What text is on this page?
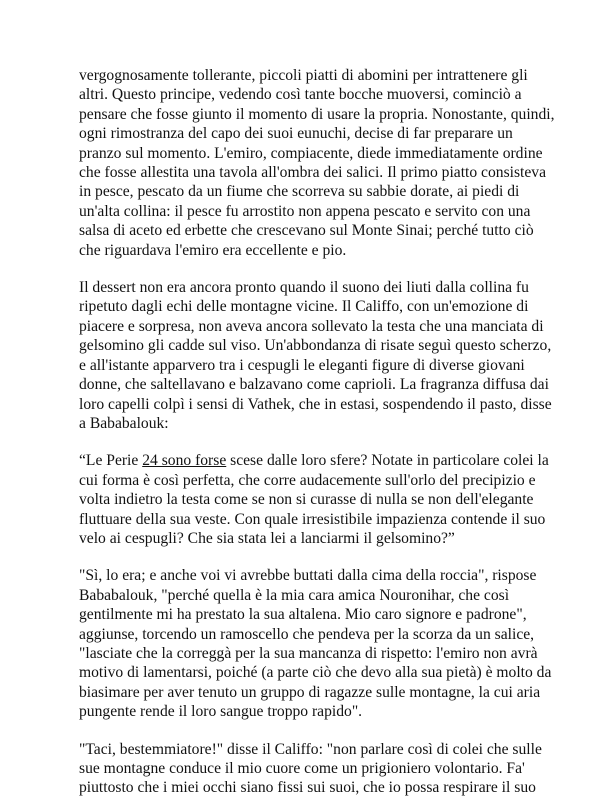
vergognosamente tollerante, piccoli piatti di abomini per intrattenere gli
altri. Questo principe, vedendo così tante bocche muoversi, cominciò a
pensare che fosse giunto il momento di usare la propria. Nonostante, quindi,
ogni rimostranza del capo dei suoi eunuchi, decise di far preparare un
pranzo sul momento. L'emiro, compiacente, diede immediatamente ordine
che fosse allestita una tavola all'ombra dei salici. Il primo piatto consisteva
in pesce, pescato da un fiume che scorreva su sabbie dorate, ai piedi di
un'alta collina: il pesce fu arrostito non appena pescato e servito con una
salsa di aceto ed erbette che crescevano sul Monte Sinai; perché tutto ciò
che riguardava l'emiro era eccellente e pio.

Il dessert non era ancora pronto quando il suono dei liuti dalla collina fu
ripetuto dagli echi delle montagne vicine. Il Califfo, con un'emozione di
piacere e sorpresa, non aveva ancora sollevato la testa che una manciata di
gelsomino gli cadde sul viso. Un'abbondanza di risate seguì questo scherzo,
e all'istante apparvero tra i cespugli le eleganti figure di diverse giovani
donne, che saltellavano e balzavano come caprioli. La fragranza diffusa dai
loro capelli colpì i sensi di Vathek, che in estasi, sospendendo il pasto, disse
a Bababalouk:

“Le Perie 24 sono forse scese dalle loro sfere? Notate in particolare colei la
cui forma è così perfetta, che corre audacemente sull'orlo del precipizio e
volta indietro la testa come se non si curasse di nulla se non dell'elegante
fluttuare della sua veste. Con quale irresistibile impazienza contende il suo
velo ai cespugli? Che sia stata lei a lanciarmi il gelsomino?”

"Sì, lo era; e anche voi vi avrebbe buttati dalla cima della roccia", rispose
Bababalouk, "perché quella è la mia cara amica Nouronihar, che così
gentilmente mi ha prestato la sua altalena. Mio caro signore e padrone",
aggiunse, torcendo un ramoscello che pendeva per la scorza da un salice,
"lasciate che la correggà per la sua mancanza di rispetto: l'emiro non avrà
motivo di lamentarsi, poiché (a parte ciò che devo alla sua pietà) è molto da
biasimare per aver tenuto un gruppo di ragazze sulle montagne, la cui aria
pungente rende il loro sangue troppo rapido".

"Taci, bestemmiatore!" disse il Califfo: "non parlare così di colei che sulle
sue montagne conduce il mio cuore come un prigioniero volontario. Fa'
piuttosto che i miei occhi siano fissi sui suoi, che io possa respirare il suo
